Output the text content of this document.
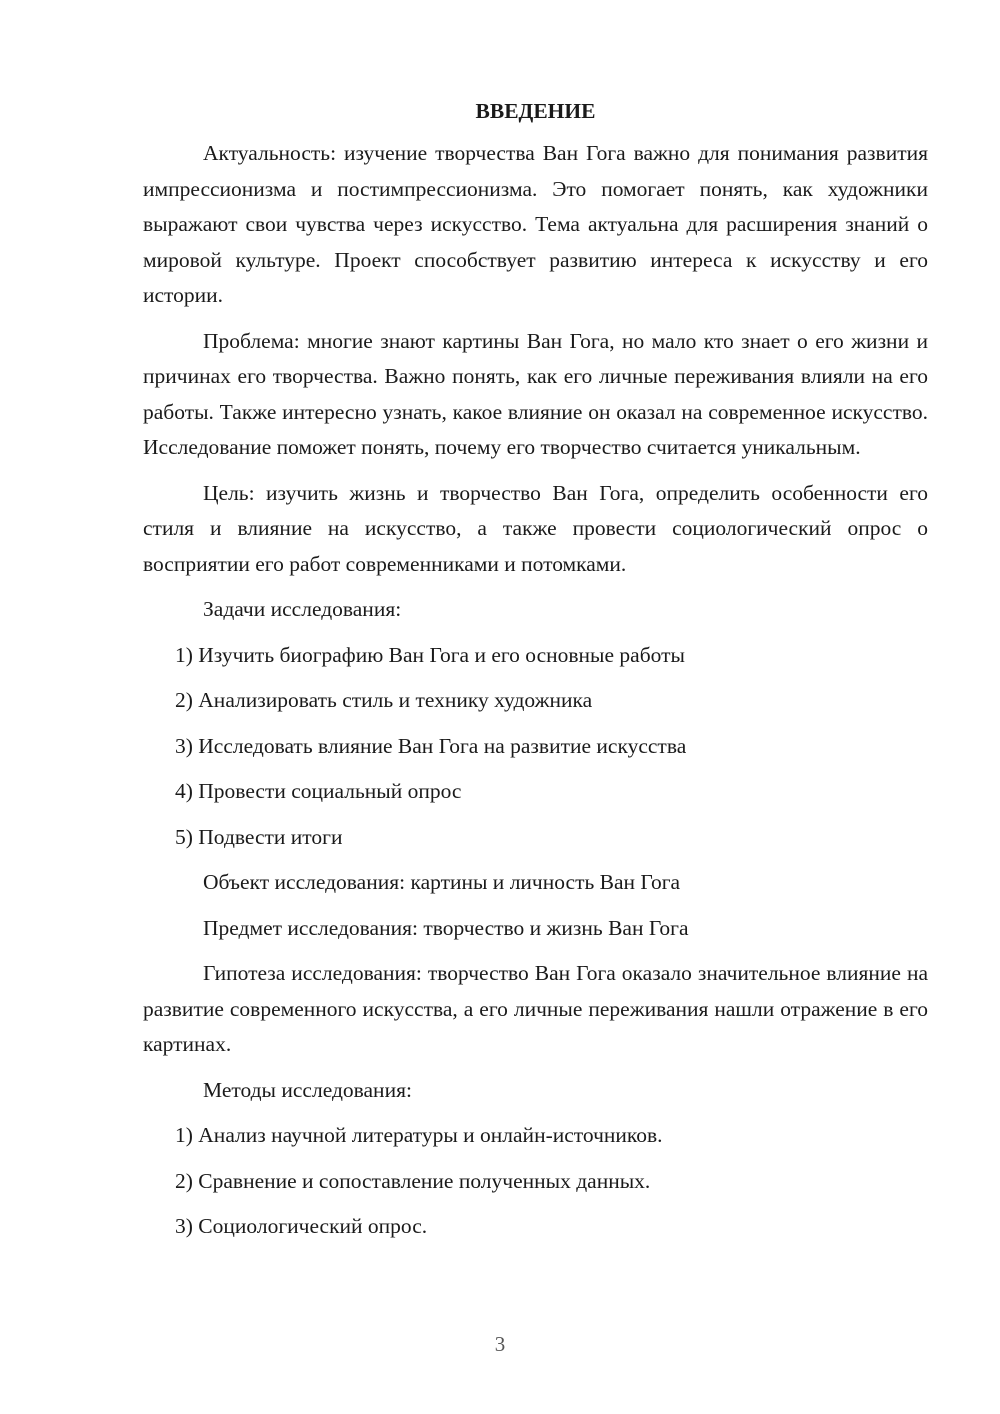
ВВЕДЕНИЕ

Актуальность: изучение творчества Ван Гога важно для понимания развития импрессионизма и постимпрессионизма. Это помогает понять, как художники выражают свои чувства через искусство. Тема актуальна для расширения знаний о мировой культуре. Проект способствует развитию интереса к искусству и его истории.

Проблема: многие знают картины Ван Гога, но мало кто знает о его жизни и причинах его творчества. Важно понять, как его личные переживания влияли на его работы. Также интересно узнать, какое влияние он оказал на современное искусство. Исследование поможет понять, почему его творчество считается уникальным.

Цель: изучить жизнь и творчество Ван Гога, определить особенности его стиля и влияние на искусство, а также провести социологический опрос о восприятии его работ современниками и потомками.

Задачи исследования:
1) Изучить биографию Ван Гога и его основные работы
2) Анализировать стиль и технику художника
3) Исследовать влияние Ван Гога на развитие искусства
4) Провести социальный опрос
5) Подвести итоги
Объект исследования: картины и личность Ван Гога
Предмет исследования: творчество и жизнь Ван Гога

Гипотеза исследования: творчество Ван Гога оказало значительное влияние на развитие современного искусства, а его личные переживания нашли отражение в его картинах.

Методы исследования:
1) Анализ научной литературы и онлайн-источников.
2) Сравнение и сопоставление полученных данных.
3) Социологический опрос.
3
